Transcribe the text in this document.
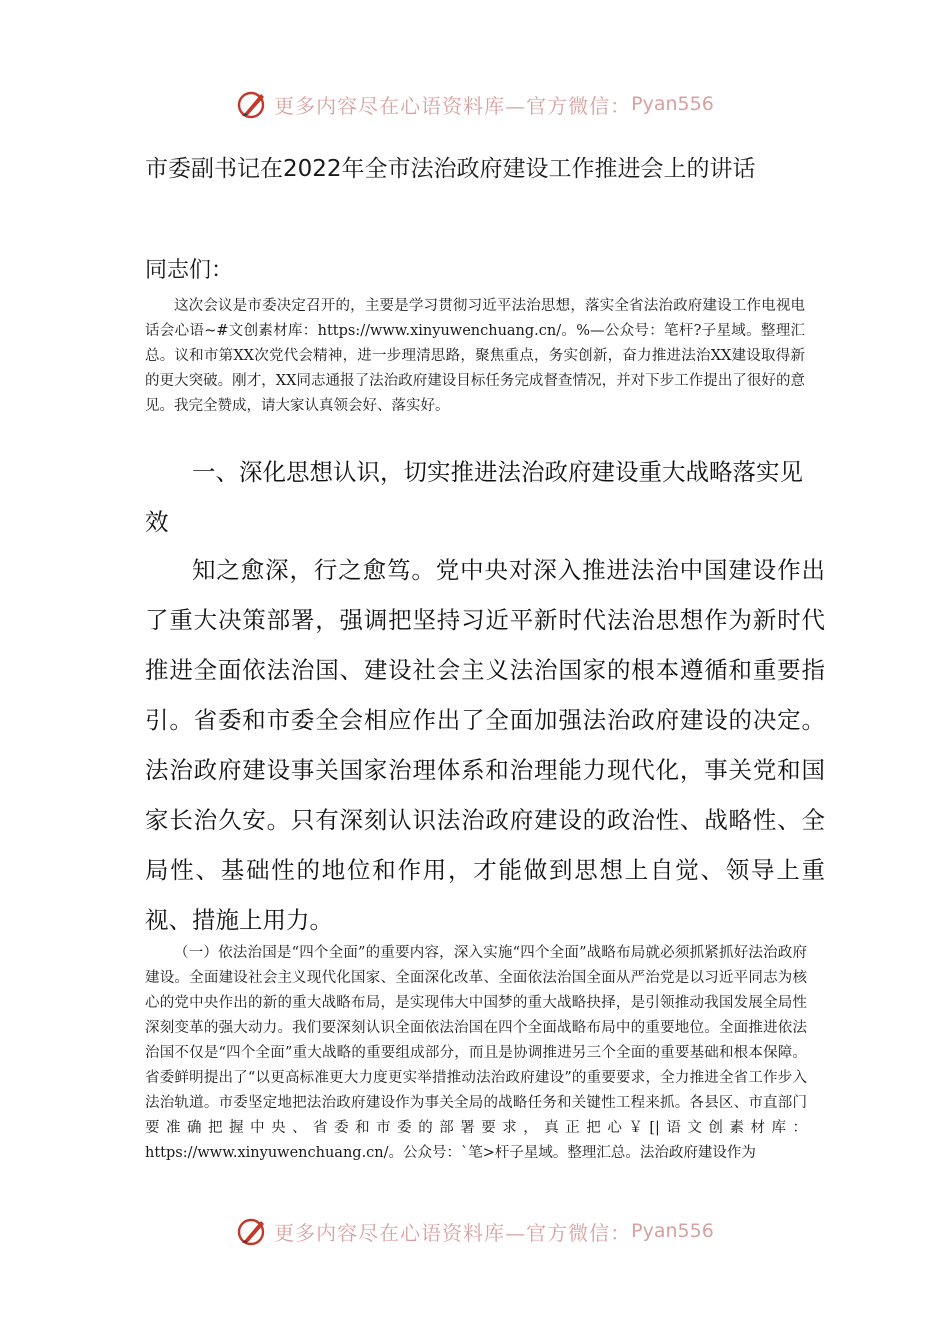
更多内容尽在心语资料库—官方微信： Pyan556
市委副书记在2022年全市法治政府建设工作推进会上的讲话
同志们：

这次会议是市委决定召开的，主要是学习贯彻习近平法治思想，落实全省法治政府建设工作电视电话会心语~#文创素材库：https://www.xinyuwenchuang.cn/。%—公众号：笔杆?子星域。整理汇总。议和市第XX次党代会精神，进一步理清思路，聚焦重点，务实创新，奋力推进法治XX建设取得新的更大突破。刚才，XX同志通报了法治政府建设目标任务完成督查情况，并对下步工作提出了很好的意见。我完全赞成，请大家认真领会好、落实好。

一、深化思想认识，切实推进法治政府建设重大战略落实见效

知之愈深，行之愈笃。党中央对深入推进法治中国建设作出了重大决策部署，强调把坚持习近平新时代法治思想作为新时代推进全面依法治国、建设社会主义法治国家的根本遵循和重要指引。省委和市委全会相应作出了全面加强法治政府建设的决定。法治政府建设事关国家治理体系和治理能力现代化，事关党和国家长治久安。只有深刻认识法治政府建设的政治性、战略性、全局性、基础性的地位和作用，才能做到思想上自觉、领导上重视、措施上用力。

（一）依法治国是“四个全面”的重要内容，深入实施“四个全面”战略布局就必须抓紧抓好法治政府建设。全面建设社会主义现代化国家、全面深化改革、全面依法治国全面从严治党是以习近平同志为核心的党中央作出的新的重大战略布局，是实现伟大中国梦的重大战略抉择，是引领推动我国发展全局性深刻变革的强大动力。我们要深刻认识全面依法治国在四个全面战略布局中的重要地位。全面推进依法治国不仅是“四个全面”重大战略的重要组成部分，而且是协调推进另三个全面的重要基础和根本保障。省委鲜明提出了“以更高标准更大力度更实举措推动法治政府建设”的重要要求，全力推进全省工作步入法治轨道。市委坚定地把法治政府建设作为事关全局的战略任务和关键性工程来抓。各县区、市直部门要准确把握中央、省委和市委的部署要求，真正把心￥[|语文创素材库：https://www.xinyuwenchuang.cn/。公众号：`笔>杆子星域。整理汇总。法治政府建设作为

更多内容尽在心语资料库—官方微信： Pyan556
